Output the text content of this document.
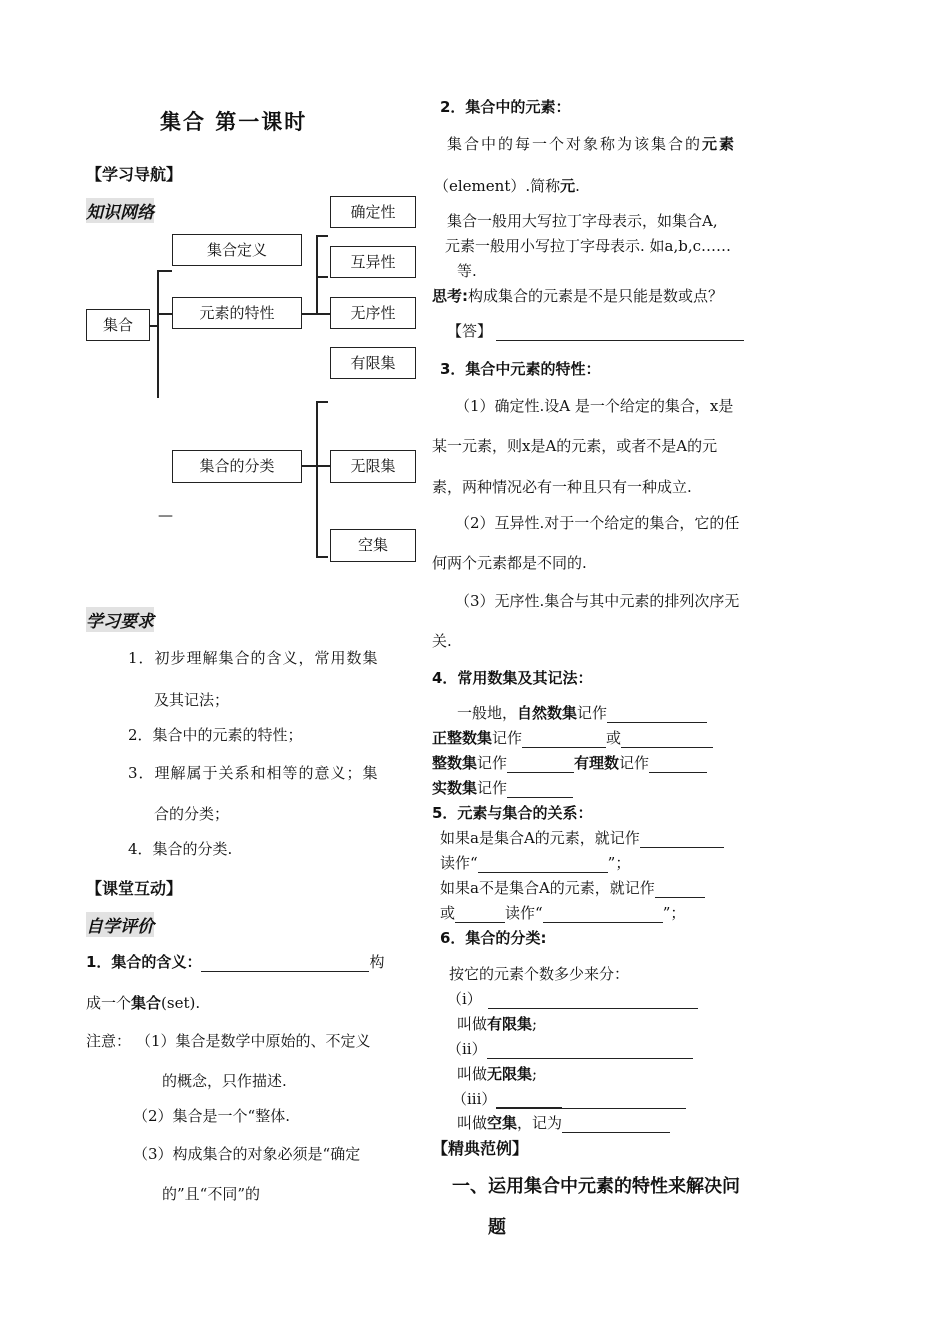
集合 第一课时
【学习导航】
知识网络
集合
集合定义
元素的特性
集合的分类
确定性
互异性
无序性
有限集
无限集
空集
—
学习要求
1．初步理解集合的含义，常用数集
及其记法；
2．集合中的元素的特性；
3．理解属于关系和相等的意义；集
合的分类；
4．集合的分类.
【课堂互动】
自学评价
1．集合的含义：	构
成一个集合(set).
注意： （1）集合是数学中原始的、不定义
的概念，只作描述.
（2）集合是一个“整体.
（3）构成集合的对象必须是“确定
的”且“不同”的
2．集合中的元素：
集合中的每一个对象称为该集合的元素
（element）.简称元.
集合一般用大写拉丁字母表示，如集合A,
元素一般用小写拉丁字母表示. 如a,b,c……
等.
思考:构成集合的元素是不是只能是数或点？
【答】
3．集合中元素的特性：
（1）确定性.设A 是一个给定的集合，x是
某一元素，则x是A的元素，或者不是A的元
素，两种情况必有一种且只有一种成立.
（2）互异性.对于一个给定的集合，它的任
何两个元素都是不同的.
（3）无序性.集合与其中元素的排列次序无
关.
4．常用数集及其记法：
一般地，自然数集记作
正整数集记作	或
整数集记作	有理数记作
实数集记作
5．元素与集合的关系：
如果a是集合A的元素，就记作
读作“	”；
如果a不是集合A的元素，就记作
或	读作“	”；
6．集合的分类:
按它的元素个数多少来分：
（i）
叫做有限集;
（ii）
叫做无限集;
（iii）
叫做空集，记为
【精典范例】
一、运用集合中元素的特性来解决问
题
